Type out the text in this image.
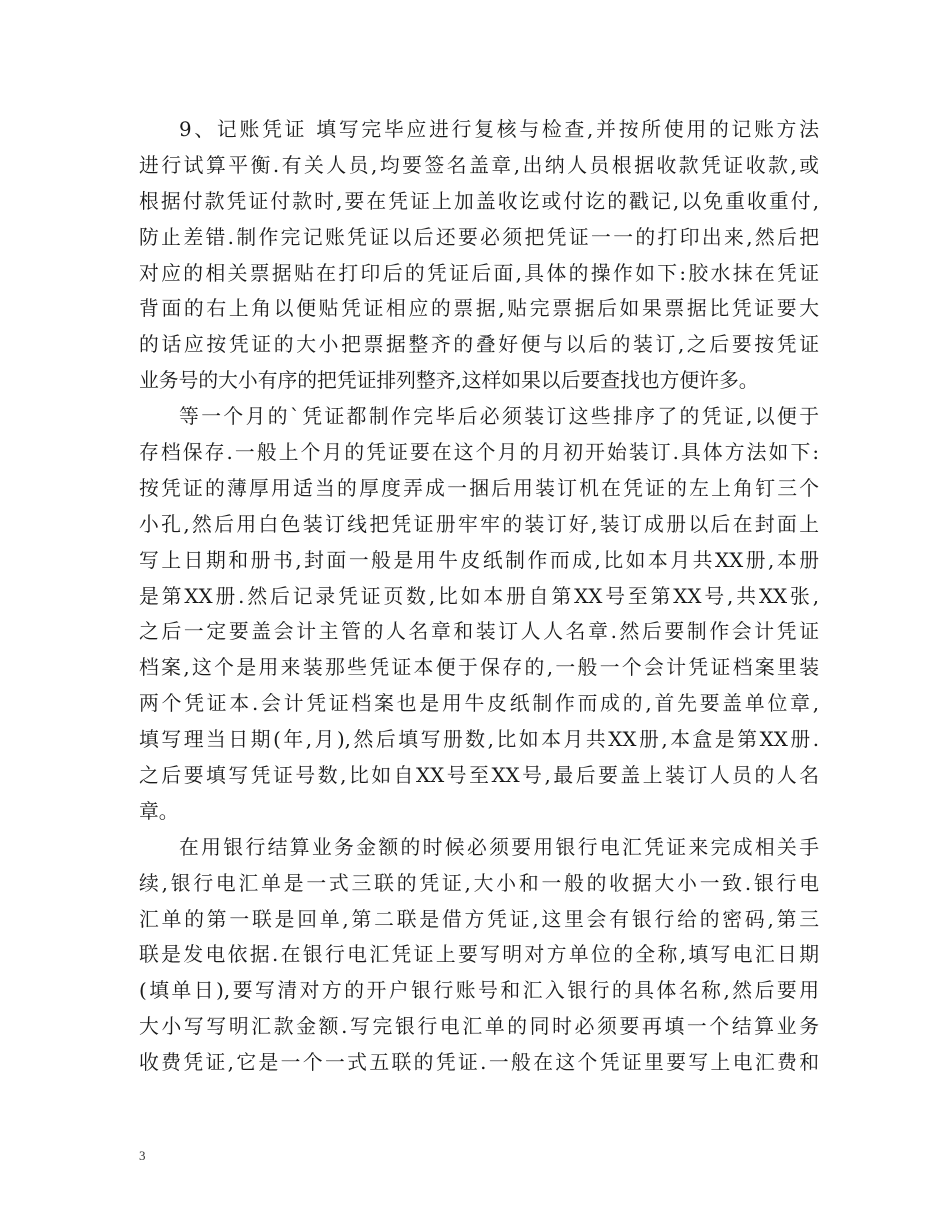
9、记账凭证 填写完毕应进行复核与检查,并按所使用的记账方法
进行试算平衡.有关人员,均要签名盖章,出纳人员根据收款凭证收款,或
根据付款凭证付款时,要在凭证上加盖收讫或付讫的戳记,以免重收重付,
防止差错.制作完记账凭证以后还要必须把凭证一一的打印出来,然后把
对应的相关票据贴在打印后的凭证后面,具体的操作如下:胶水抹在凭证
背面的右上角以便贴凭证相应的票据,贴完票据后如果票据比凭证要大
的话应按凭证的大小把票据整齐的叠好便与以后的装订,之后要按凭证
业务号的大小有序的把凭证排列整齐,这样如果以后要查找也方便许多。
等一个月的`凭证都制作完毕后必须装订这些排序了的凭证,以便于
存档保存.一般上个月的凭证要在这个月的月初开始装订.具体方法如下:
按凭证的薄厚用适当的厚度弄成一捆后用装订机在凭证的左上角钉三个
小孔,然后用白色装订线把凭证册牢牢的装订好,装订成册以后在封面上
写上日期和册书,封面一般是用牛皮纸制作而成,比如本月共XX册,本册
是第XX册.然后记录凭证页数,比如本册自第XX号至第XX号,共XX张,
之后一定要盖会计主管的人名章和装订人人名章.然后要制作会计凭证
档案,这个是用来装那些凭证本便于保存的,一般一个会计凭证档案里装
两个凭证本.会计凭证档案也是用牛皮纸制作而成的,首先要盖单位章,
填写理当日期(年,月),然后填写册数,比如本月共XX册,本盒是第XX册.
之后要填写凭证号数,比如自XX号至XX号,最后要盖上装订人员的人名
章。
在用银行结算业务金额的时候必须要用银行电汇凭证来完成相关手
续,银行电汇单是一式三联的凭证,大小和一般的收据大小一致.银行电
汇单的第一联是回单,第二联是借方凭证,这里会有银行给的密码,第三
联是发电依据.在银行电汇凭证上要写明对方单位的全称,填写电汇日期
(填单日),要写清对方的开户银行账号和汇入银行的具体名称,然后要用
大小写写明汇款金额.写完银行电汇单的同时必须要再填一个结算业务
收费凭证,它是一个一式五联的凭证.一般在这个凭证里要写上电汇费和
3
